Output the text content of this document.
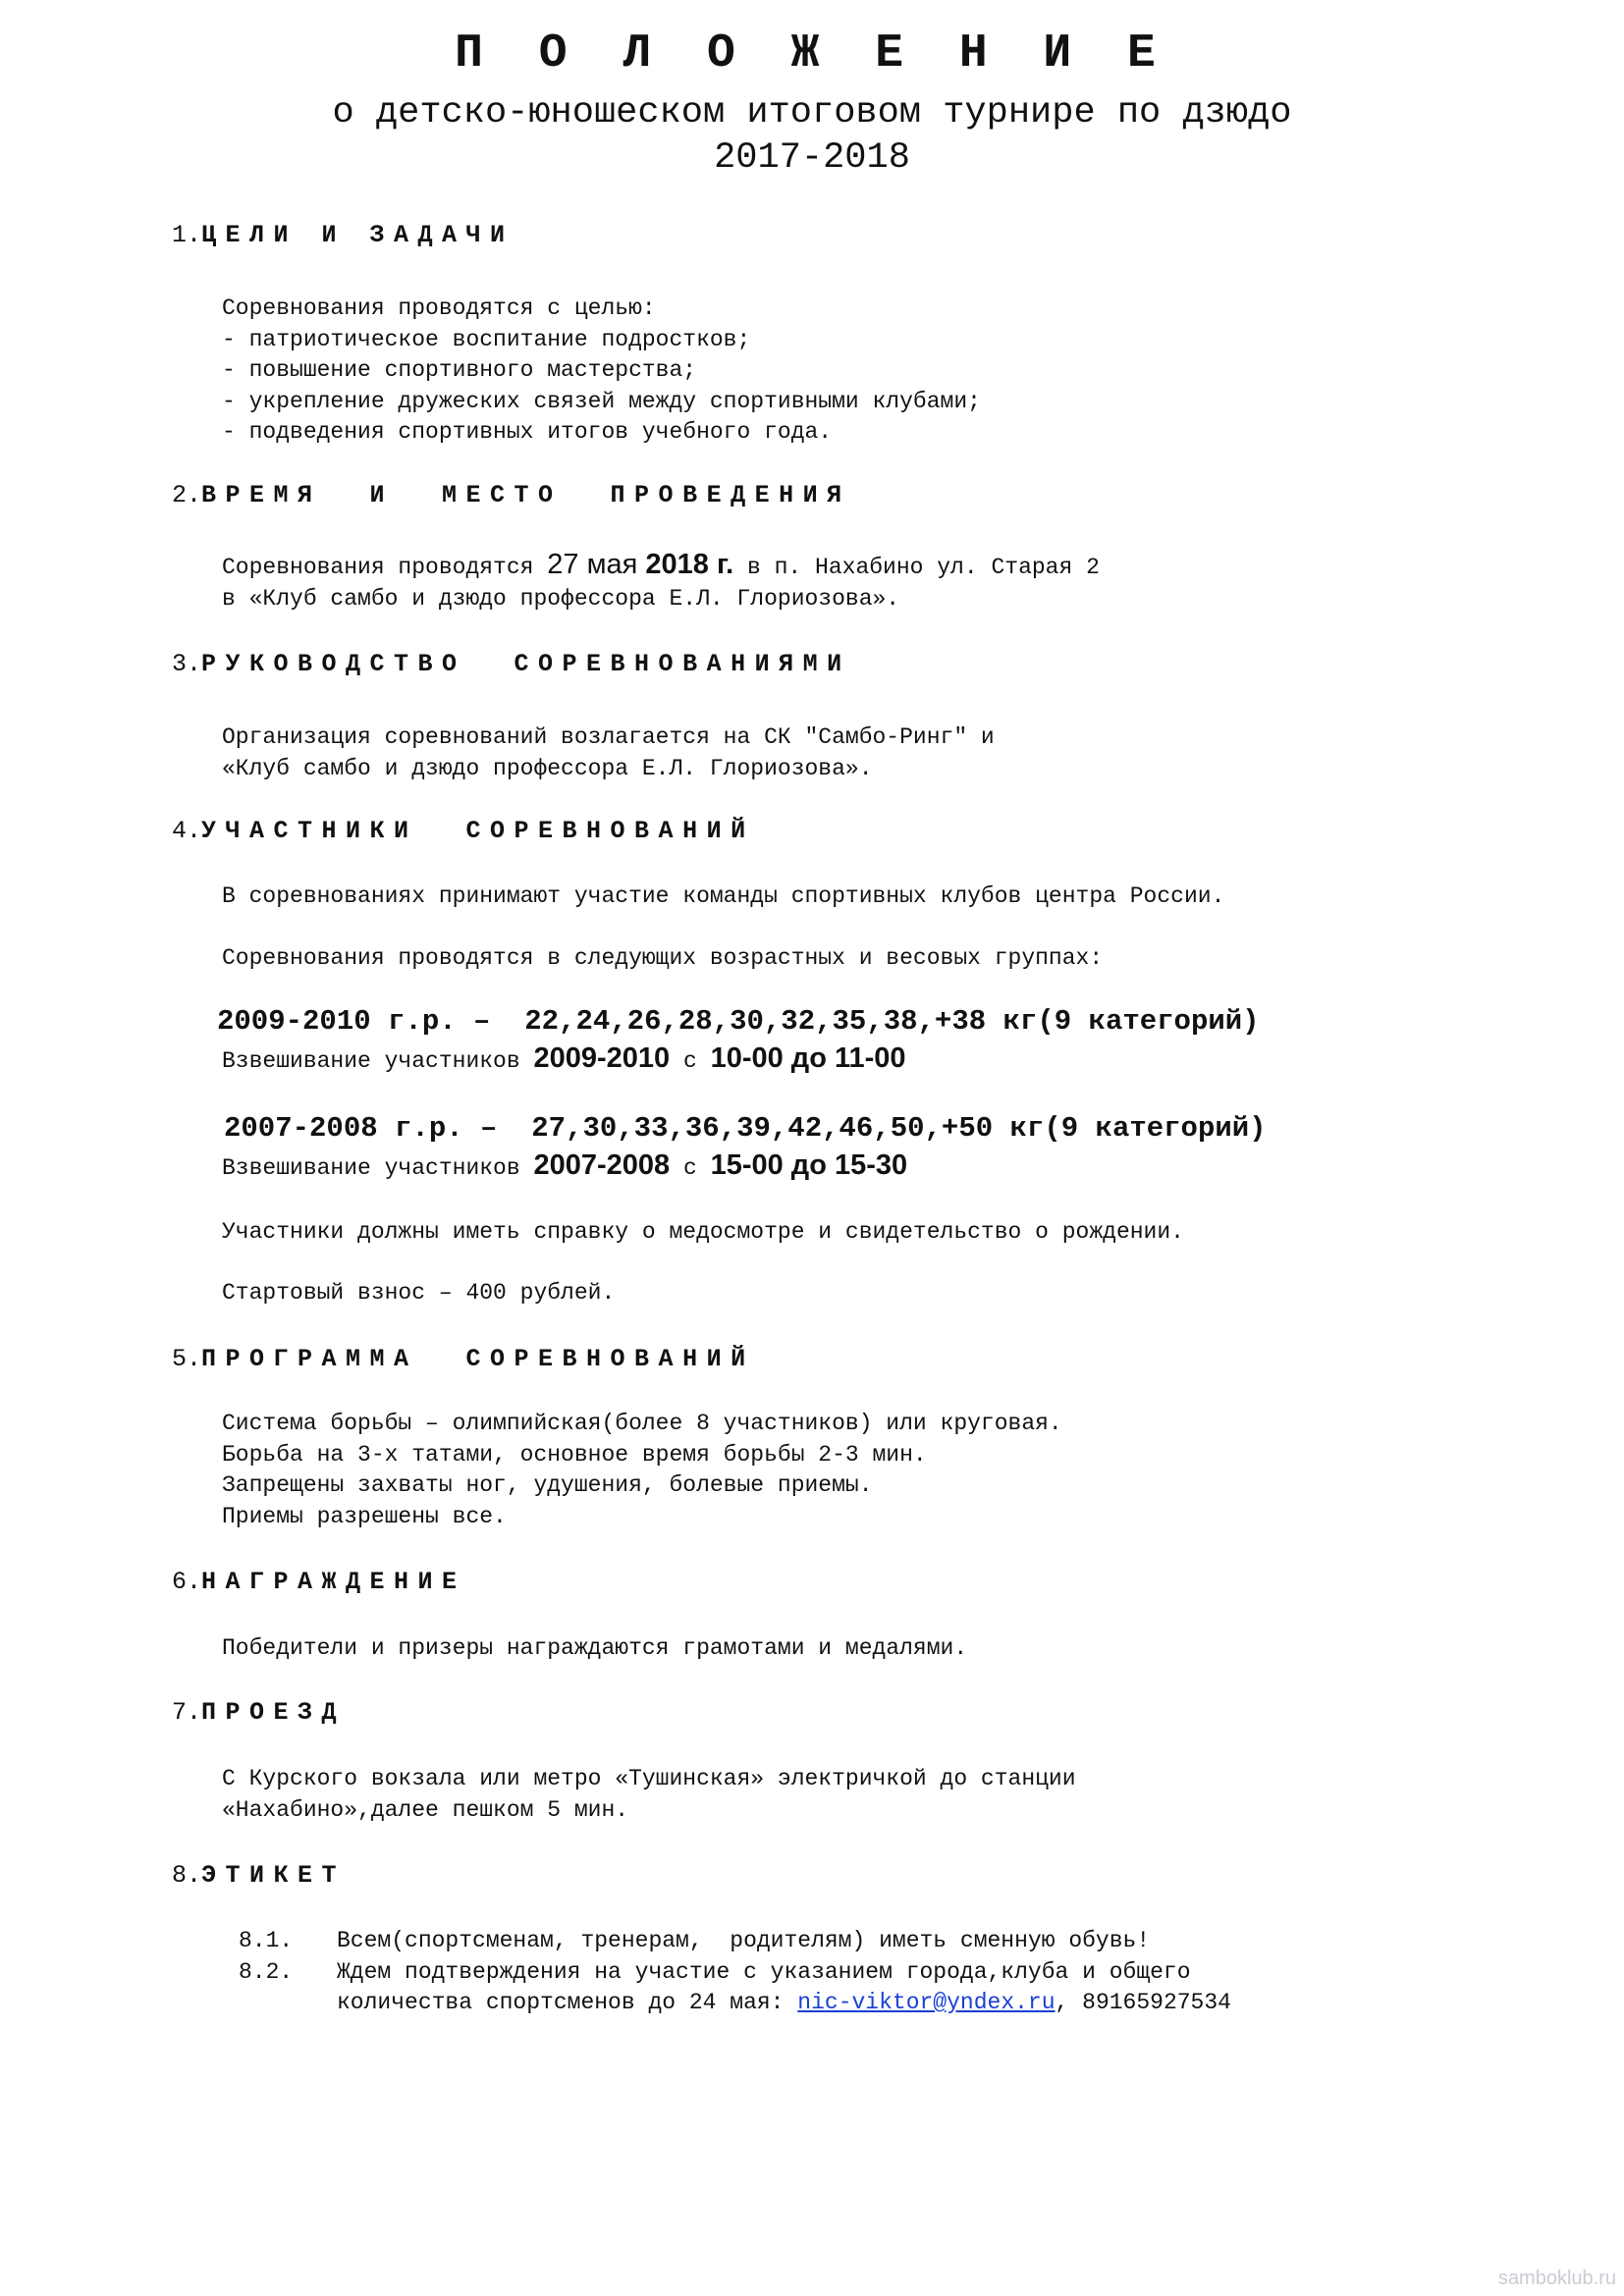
П О Л О Ж Е Н И Е
о детско-юношеском итоговом турнире по дзюдо
2017-2018
1.ЦЕЛИ И ЗАДАЧИ
Соревнования проводятся с целью:
- патриотическое воспитание подростков;
- повышение спортивного мастерства;
- укрепление дружеских связей между спортивными клубами;
- подведения спортивных итогов учебного года.
2.ВРЕМЯ  И  МЕСТО  ПРОВЕДЕНИЯ
Соревнования проводятся 27 мая 2018 г. в п. Нахабино ул. Старая 2
в «Клуб самбо и дзюдо профессора Е.Л. Глориозова».
3.РУКОВОДСТВО  СОРЕВНОВАНИЯМИ
Организация соревнований возлагается на СК "Самбо-Ринг" и
«Клуб самбо и дзюдо профессора Е.Л. Глориозова».
4.УЧАСТНИКИ  СОРЕВНОВАНИЙ
В соревнованиях принимают участие команды спортивных клубов центра России.
Соревнования проводятся в следующих возрастных и весовых группах:
2009-2010 г.р. –  22,24,26,28,30,32,35,38,+38 кг(9 категорий)
Взвешивание участников 2009-2010 с 10-00 до 11-00
2007-2008 г.р. –  27,30,33,36,39,42,46,50,+50 кг(9 категорий)
Взвешивание участников 2007-2008 с 15-00 до 15-30
Участники должны иметь справку о медосмотре и свидетельство о рождении.
Стартовый взнос – 400 рублей.
5.ПРОГРАММА  СОРЕВНОВАНИЙ
Система борьбы – олимпийская(более 8 участников) или круговая.
Борьба на 3-х татами, основное время борьбы 2-3 мин.
Запрещены захваты ног, удушения, болевые приемы.
Приемы разрешены все.
6.НАГРАЖДЕНИЕ
Победители и призеры награждаются грамотами и медалями.
7.ПРОЕЗД
С Курского вокзала или метро «Тушинская» электричкой до станции
«Нахабино»,далее пешком 5 мин.
8.ЭТИКЕТ
8.1. Всем(спортсменам, тренерам,  родителям) иметь сменную обувь!
8.2. Ждем подтверждения на участие с указанием города,клуба и общего
количества спортсменов до 24 мая: nic-viktor@yndex.ru, 89165927534
samboklub.ru
